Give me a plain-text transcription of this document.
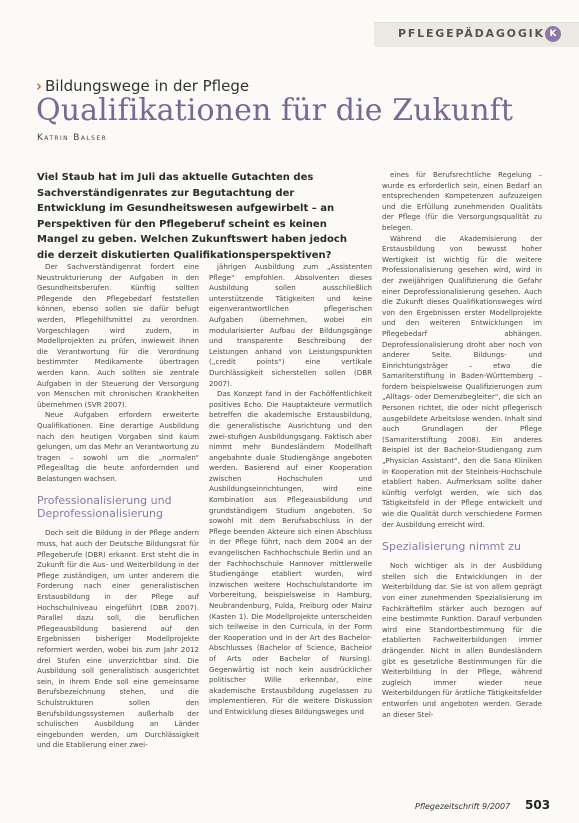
PFLEGEPÄDAGOGIK K
› Bildungswege in der Pflege
Qualifikationen für die Zukunft
Katrin Balser
Viel Staub hat im Juli das aktuelle Gutachten des Sachverständigenrates zur Begutachtung der Entwicklung im Gesundheitswesen aufgewirbelt – an Perspektiven für den Pflegeberuf scheint es keinen Mangel zu geben. Welchen Zukunftswert haben jedoch die derzeit diskutierten Qualifikationsperspektiven?

Der Sachverständigenrat fordert eine Neustrukturierung der Aufgaben in den Gesundheitsberufen. Künftig sollten Pflegende den Pflegebedarf feststellen können, ebenso sollen sie dafür befugt werden, Pflegehilfsmittel zu verordnen. Vorgeschlagen wird zudem, in Modellprojekten zu prüfen, inwieweit ihnen die Verantwortung für die Verordnung bestimmter Medikamente übertragen werden kann. Auch sollten sie zentrale Aufgaben in der Steuerung der Versorgung von Menschen mit chronischen Krankheiten übernehmen (SVR 2007).

Neue Aufgaben erfordern erweiterte Qualifikationen. Eine derartige Ausbildung nach den heutigen Vorgaben sind kaum gelungen, um das Mehr an Verantwortung zu tragen – sowohl um die „normalen“ Pflegealltag die heute anfordernden und Belastungen wachsen.

Professionalisierung und Deprofessionalisierung

Doch seit die Bildung in der Pflege andern muss, hat auch der Deutsche Bildungsrat für Pflegeberufe (DBR) erkannt. Erst steht die in Zukunft für die Aus- und Weiterbildung in der Pflege zuständigen, um unter anderem die Forderung nach einer generalistischen Erstausbildung in der Pflege auf Hochschulniveau eingeführt (DBR 2007). Parallel dazu soll, die beruflichen Pflegeausbildung basierend auf den Ergebnissen bisheriger Modellprojekte reformiert werden, wobei bis zum Jahr 2012 drei Stufen eine unverzichtbar sind. Die Ausbildung soll generalistisch ausgerichtet sein, in ihrem Ende soll eine gemeinsame Berufsbezeichnung stehen, und die Schulstrukturen sollen den Berufsbildungssystemen außerhalb der schulischen Ausbildung an Länder eingebunden werden, um Durchlässigkeit und die Etablierung einer zwei-

jährigen Ausbildung zum „Assistenten Pflege“ empfohlen. Absolventen dieses Ausbildung sollen ausschließlich unterstützende Tätigkeiten und keine eigenverantwortlichen pflegerischen Aufgaben übernehmen, wobei ein modularisierter Aufbau der Bildungsgänge und transparente Beschreibung der Leistungen anhand von Leistungspunkten („credit points“) eine vertikale Durchlässigkeit sicherstellen sollen (DBR 2007).

Das Konzept fand in der Fachöffentlichkeit positives Echo. Die Hauptakteure vermutlich betreffen die akademische Erstausbildung, die generalistische Ausrichtung und den zwei-stufigen Ausbildungsgang. Faktisch aber nimmt mehr Bundesländern Modellhaft angebahnte duale Studiengänge angeboten werden. Basierend auf einer Kooperation zwischen Hochschulen und Ausbildungseinrichtungen, wird eine Kombination aus Pflegeausbildung und grundständigem Studium angeboten. So sowohl mit dem Berufsabschluss in der Pflege beenden Akteure sich einen Abschluss in der Pflege führt, nach dem 2004 an der evangelischen Fachhochschule Berlin und an der Fachhochschule Hannover mittlerweile Studiengänge etabliert wurden, wird inzwischen weitere Hochschulstandorte im Vorbereitung, beispielsweise in Hamburg, Neubrandenburg, Fulda, Freiburg oder Mainz (Kasten 1). Die Modellprojekte unterscheiden sich teilweise in den Curricula, in der Form der Kooperation und in der Art des Bachelor-Abschlusses (Bachelor of Science, Bachelor of Arts oder Bachelor of Nursing). Gegenwärtig ist noch kein ausdrücklicher politischer Wille erkennbar, eine akademische Erstausbildung zugelassen zu implementieren. Für die weitere Diskussion und Entwicklung dieses Bildungsweges und

eines für Berufsrechtliche Regelung – wurde es erforderlich sein, einen Bedarf an entsprechenden Kompetenzen aufzuzeigen und die Erfüllung zunehmenden Qualitäts der Pflege (für die Versorgungsqualität zu belegen.

Während die Akademisierung der Erstausbildung von bewusst hoher Wertigkeit ist wichtig für die weitere Professionalisierung gesehen wird, wird in der zweijährigen Qualifizierung die Gefahr einer Deprofessionalisierung gesehen. Auch die Zukunft dieses Qualifikationsweges wird von den Ergebnissen erster Modellprojekte und den weiteren Entwicklungen im Pflegebedarf abhängen. Deprofessionalisierung droht aber noch von anderer Seite. Bildungs- und Einrichtungsträger – etwa die Samariterstiftung in Baden-Württemberg – fordern beispielsweise Qualifizierungen zum „Alltags- oder Demenzbegleiter“, die sich an Personen richtet, die oder nicht pflegerisch ausgebildete Arbeitslose wenden. Inhalt sind auch Grundlagen der Pflege (Samariterstiftung 2008). Ein anderes Beispiel ist der Bachelor-Studiengang zum „Physician Assistant“, den die Sana Kliniken in Kooperation mit der Steinbeis-Hochschule etabliert haben. Aufmerksam sollte daher künftig verfolgt werden, wie sich das Tätigkeitsfeld in der Pflege entwickelt und wie die Qualität durch verschiedene Formen der Ausbildung erreicht wird.

Spezialisierung nimmt zu

Noch wichtiger als in der Ausbildung stellen sich die Entwicklungen in der Weiterbildung dar. Sie ist von allem geprägt von einer zunehmenden Spezialisierung im Fachkräftefilm stärker auch bezogen auf eine bestimmte Funktion. Darauf verbunden wird eine Standortbestimmung für die etablierten Fachweiterbildungen immer drängender. Nicht in allen Bundesländern gibt es gesetzliche Bestimmungen für die Weiterbildung in der Pflege, während zugleich immer wieder neue Weiterbildungen für ärztliche Tätigkeitsfelder entworfen und angeboten werden. Gerade an dieser Stel-

Pflegezeitschrift 9/2007 503
